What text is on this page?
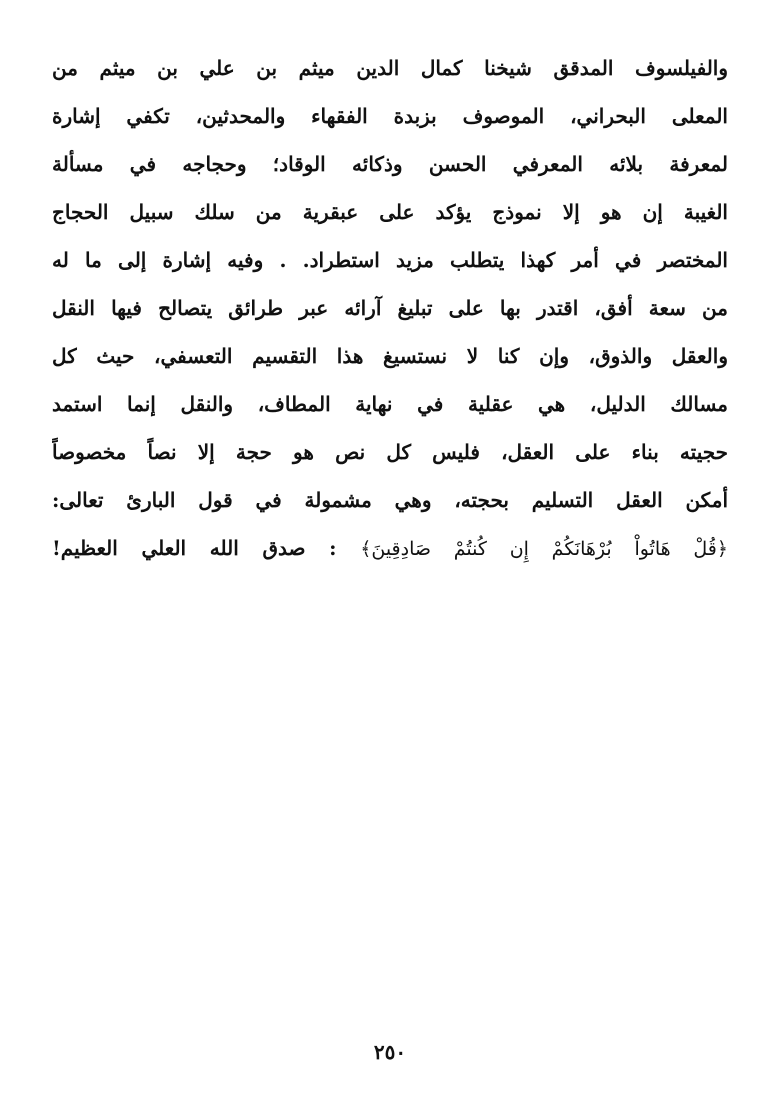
والفيلسوف المدقق شيخنا كمال الدين ميثم بن علي بن ميثم من
المعلى البحراني، الموصوف بزبدة الفقهاء والمحدثين، تكفي إشارة
لمعرفة بلائه المعرفي الحسن وذكائه الوقاد؛ وحجاجه في مسألة
الغيبة إن هو إلا نموذج يؤكد على عبقرية من سلك سبيل الحجاج
المختصر في أمر كهذا يتطلب مزيد استطراد. . وفيه إشارة إلى ما له
من سعة أفق، اقتدر بها على تبليغ آرائه عبر طرائق يتصالح فيها النقل
والعقل والذوق، وإن كنا لا نستسيغ هذا التقسيم التعسفي، حيث كل
مسالك الدليل، هي عقلية في نهاية المطاف، والنقل إنما استمد
حجيته بناء على العقل، فليس كل نص هو حجة إلا نصاً مخصوصاً
أمكن العقل التسليم بحجته، وهي مشمولة في قول البارئ تعالى:
﴿قُلْ هَاتُواْ بُرْهَانَكُمْ إِن كُنتُمْ صَادِقِينَ﴾ : صدق الله العلي العظيم!
٢٥٠
